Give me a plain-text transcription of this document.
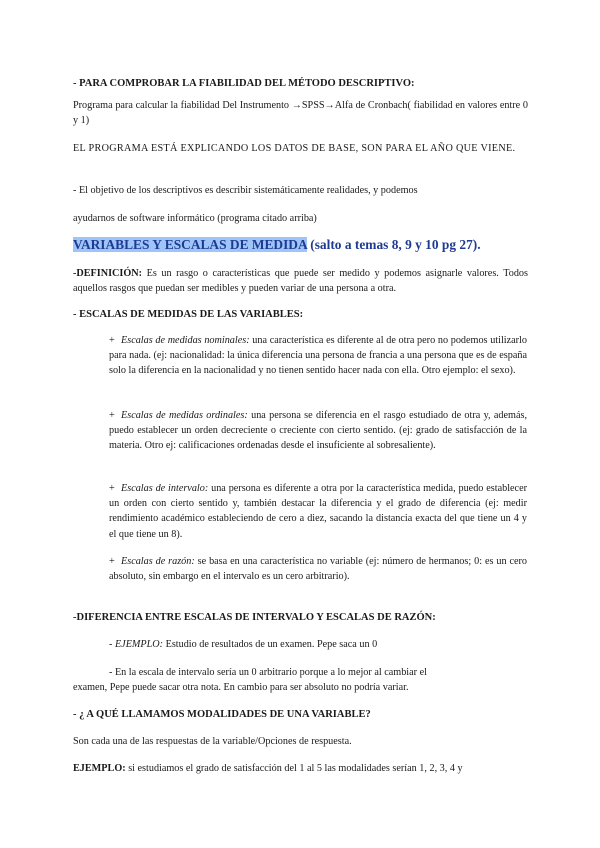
- PARA COMPROBAR LA FIABILIDAD DEL MÉTODO DESCRIPTIVO:
Programa para calcular la fiabilidad Del Instrumento →SPSS→Alfa de Cronbach( fiabilidad en valores entre 0 y 1)
EL PROGRAMA ESTÁ EXPLICANDO LOS DATOS DE BASE, SON PARA EL AÑO QUE VIENE.
- El objetivo de los descriptivos es describir sistemáticamente realidades, y podemos
ayudarnos de software informático (programa citado arriba)
VARIABLES Y ESCALAS DE MEDIDA (salto a temas 8, 9 y 10 pg 27).
-DEFINICIÓN: Es un rasgo o características que puede ser medido y podemos asignarle valores. Todos aquellos rasgos que puedan ser medibles y pueden variar de una persona a otra.
- ESCALAS DE MEDIDAS DE LAS VARIABLES:
+ Escalas de medidas nominales: una característica es diferente al de otra pero no podemos utilizarlo para nada. (ej: nacionalidad: la única diferencia una persona de francia a una persona que es de españa solo la diferencia en la nacionalidad y no tienen sentido hacer nada con ella. Otro ejemplo: el sexo).
+ Escalas de medidas ordinales: una persona se diferencia en el rasgo estudiado de otra y, además, puedo establecer un orden decreciente o creciente con cierto sentido. (ej: grado de satisfacción de la materia. Otro ej: calificaciones ordenadas desde el insuficiente al sobresaliente).
+ Escalas de intervalo: una persona es diferente a otra por la característica medida, puedo establecer un orden con cierto sentido y, también destacar la diferencia y el grado de diferencia (ej: medir rendimiento académico estableciendo de cero a diez, sacando la distancia exacta del que tiene un 4 y el que tiene un 8).
+ Escalas de razón: se basa en una característica no variable (ej: número de hermanos; 0: es un cero absoluto, sin embargo en el intervalo es un cero arbitrario).
-DIFERENCIA ENTRE ESCALAS DE INTERVALO Y ESCALAS DE RAZÓN:
- EJEMPLO: Estudio de resultados de un examen. Pepe saca un 0
- En la escala de intervalo sería un 0 arbitrario porque a lo mejor al cambiar el
examen, Pepe puede sacar otra nota. En cambio para ser absoluto no podría variar.
- ¿ A QUÉ LLAMAMOS MODALIDADES DE UNA VARIABLE?
Son cada una de las respuestas de la variable/Opciones de respuesta.
EJEMPLO: si estudiamos el grado de satisfacción del 1 al 5 las modalidades serían 1, 2, 3, 4 y
